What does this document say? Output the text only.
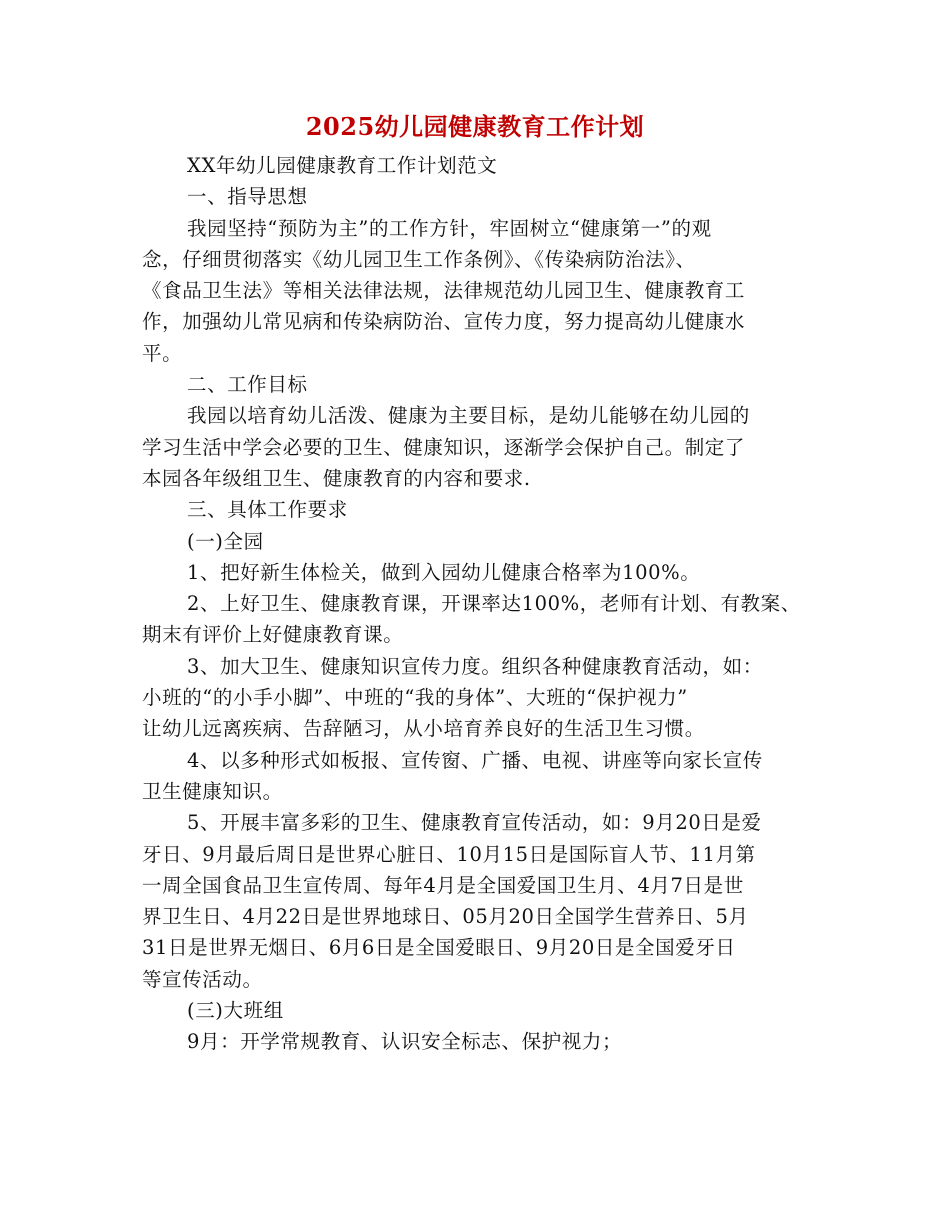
2025幼儿园健康教育工作计划

XX年幼儿园健康教育工作计划范文

一、指导思想

我园坚持“预防为主”的工作方针，牢固树立“健康第一”的观
念，仔细贯彻落实《幼儿园卫生工作条例》、《传染病防治法》、
《食品卫生法》等相关法律法规，法律规范幼儿园卫生、健康教育工
作，加强幼儿常见病和传染病防治、宣传力度，努力提高幼儿健康水
平。

二、工作目标

我园以培育幼儿活泼、健康为主要目标，是幼儿能够在幼儿园的
学习生活中学会必要的卫生、健康知识，逐渐学会保护自己。制定了
本园各年级组卫生、健康教育的内容和要求.

三、具体工作要求

(一)全园

1、把好新生体检关，做到入园幼儿健康合格率为100%。

2、上好卫生、健康教育课，开课率达100%，老师有计划、有教案、
期末有评价上好健康教育课。

3、加大卫生、健康知识宣传力度。组织各种健康教育活动，如：
小班的“的小手小脚”、中班的“我的身体”、大班的“保护视力”
让幼儿远离疾病、告辞陋习，从小培育养良好的生活卫生习惯。

4、以多种形式如板报、宣传窗、广播、电视、讲座等向家长宣传
卫生健康知识。

5、开展丰富多彩的卫生、健康教育宣传活动，如：9月20日是爱
牙日、9月最后周日是世界心脏日、10月15日是国际盲人节、11月第
一周全国食品卫生宣传周、每年4月是全国爱国卫生月、4月7日是世
界卫生日、4月22日是世界地球日、05月20日全国学生营养日、5月
31日是世界无烟日、6月6日是全国爱眼日、9月20日是全国爱牙日
等宣传活动。

(三)大班组

9月：开学常规教育、认识安全标志、保护视力；
